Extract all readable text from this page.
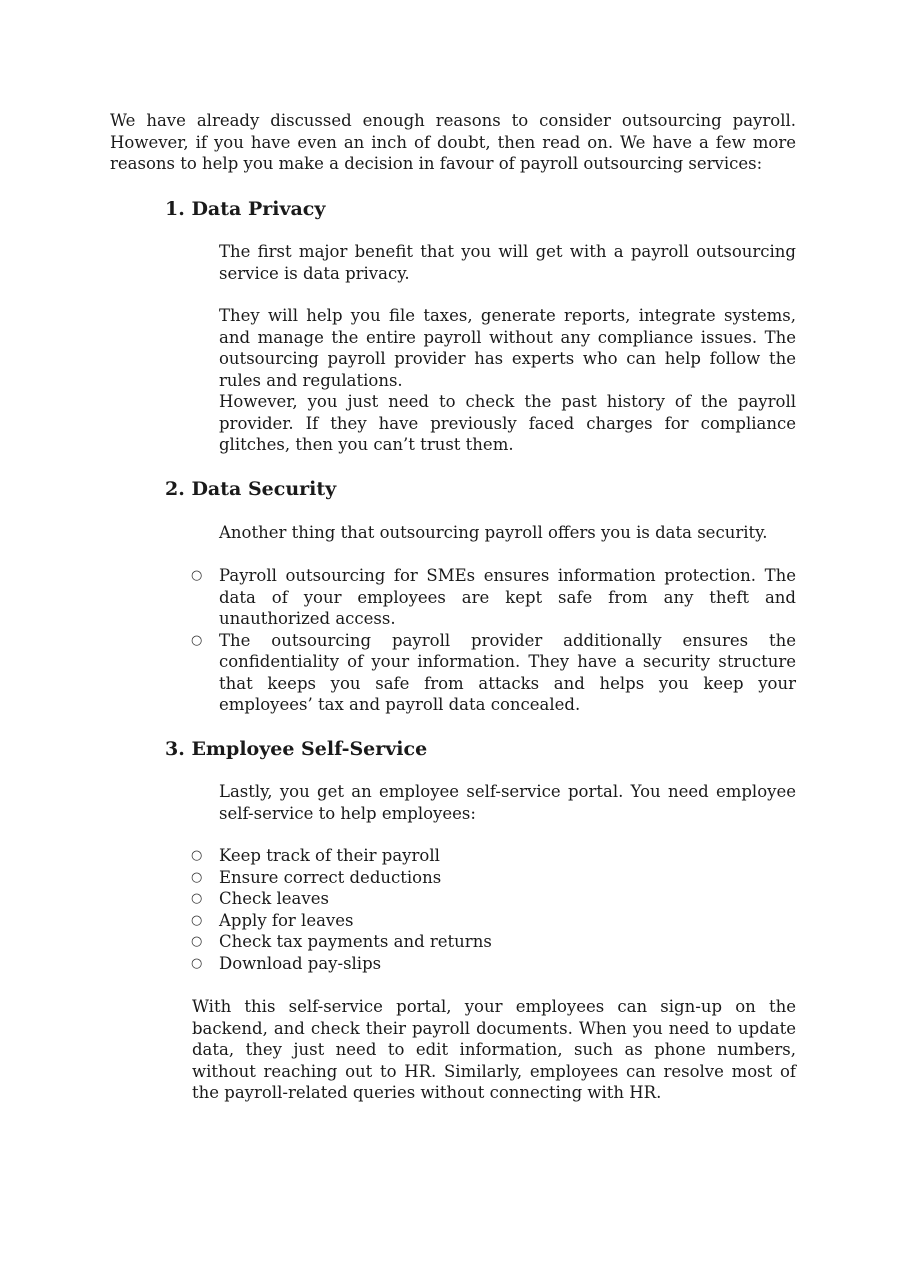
We have already discussed enough reasons to consider outsourcing payroll. However, if you have even an inch of doubt, then read on. We have a few more reasons to help you make a decision in favour of payroll outsourcing services:

1. Data Privacy

The first major benefit that you will get with a payroll outsourcing service is data privacy.

They will help you file taxes, generate reports, integrate systems, and manage the entire payroll without any compliance issues. The outsourcing payroll provider has experts who can help follow the rules and regulations.

However, you just need to check the past history of the payroll provider. If they have previously faced charges for compliance glitches, then you can’t trust them.

2. Data Security

Another thing that outsourcing payroll offers you is data security.

○ Payroll outsourcing for SMEs ensures information protection. The data of your employees are kept safe from any theft and unauthorized access.
○ The outsourcing payroll provider additionally ensures the confidentiality of your information. They have a security structure that keeps you safe from attacks and helps you keep your employees’ tax and payroll data concealed.
3. Employee Self-Service

Lastly, you get an employee self-service portal. You need employee self-service to help employees:

○ Keep track of their payroll
○ Ensure correct deductions
○ Check leaves
○ Apply for leaves
○ Check tax payments and returns
○ Download pay-slips

With this self-service portal, your employees can sign-up on the backend, and check their payroll documents. When you need to update data, they just need to edit information, such as phone numbers, without reaching out to HR. Similarly, employees can resolve most of the payroll-related queries without connecting with HR.
